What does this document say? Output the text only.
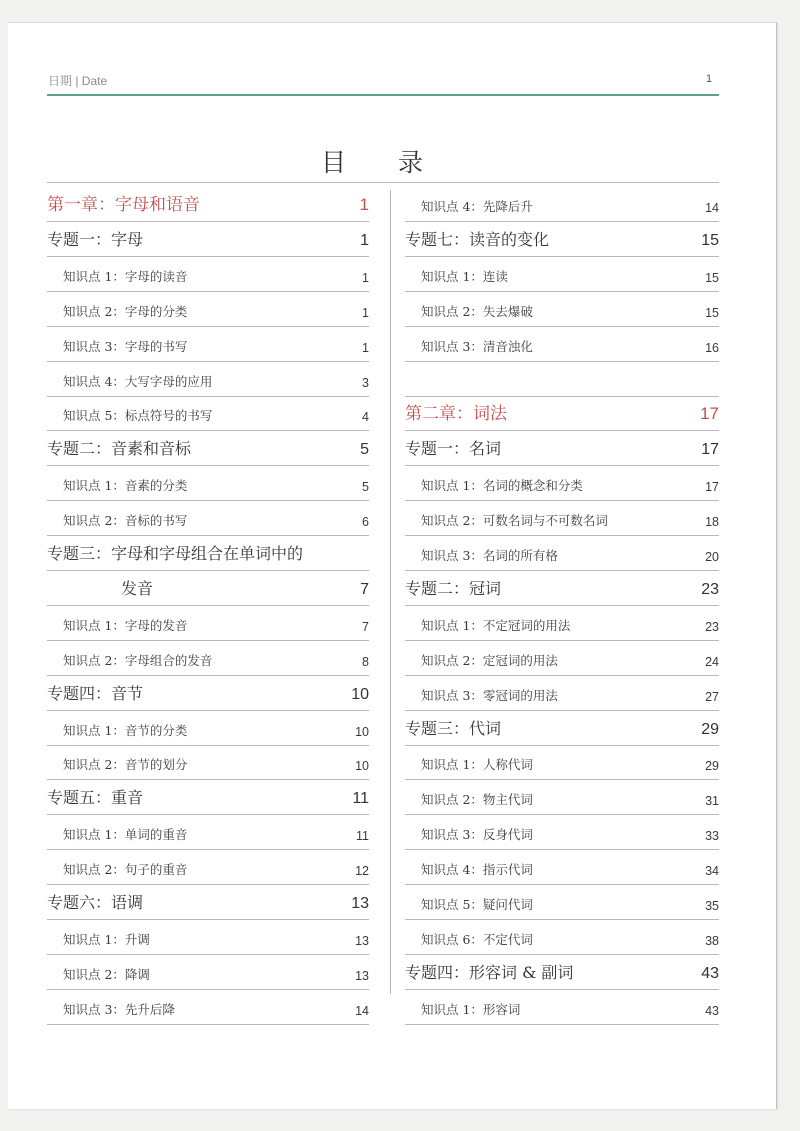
日期 | Date	1
目 录
第一章：字母和语音	1
专题一：字母	1
知识点 1：字母的读音	1
知识点 2：字母的分类	1
知识点 3：字母的书写	1
知识点 4：大写字母的应用	3
知识点 5：标点符号的书写	4
专题二：音素和音标	5
知识点 1：音素的分类	5
知识点 2：音标的书写	6
专题三：字母和字母组合在单词中的
发音	7
知识点 1：字母的发音	7
知识点 2：字母组合的发音	8
专题四：音节	10
知识点 1：音节的分类	10
知识点 2：音节的划分	10
专题五：重音	11
知识点 1：单词的重音	11
知识点 2：句子的重音	12
专题六：语调	13
知识点 1：升调	13
知识点 2：降调	13
知识点 3：先升后降	14
知识点 4：先降后升	14
专题七：读音的变化	15
知识点 1：连读	15
知识点 2：失去爆破	15
知识点 3：清音浊化	16
第二章：词法	17
专题一：名词	17
知识点 1：名词的概念和分类	17
知识点 2：可数名词与不可数名词	18
知识点 3：名词的所有格	20
专题二：冠词	23
知识点 1：不定冠词的用法	23
知识点 2：定冠词的用法	24
知识点 3：零冠词的用法	27
专题三：代词	29
知识点 1：人称代词	29
知识点 2：物主代词	31
知识点 3：反身代词	33
知识点 4：指示代词	34
知识点 5：疑问代词	35
知识点 6：不定代词	38
专题四：形容词 & 副词	43
知识点 1：形容词	43
